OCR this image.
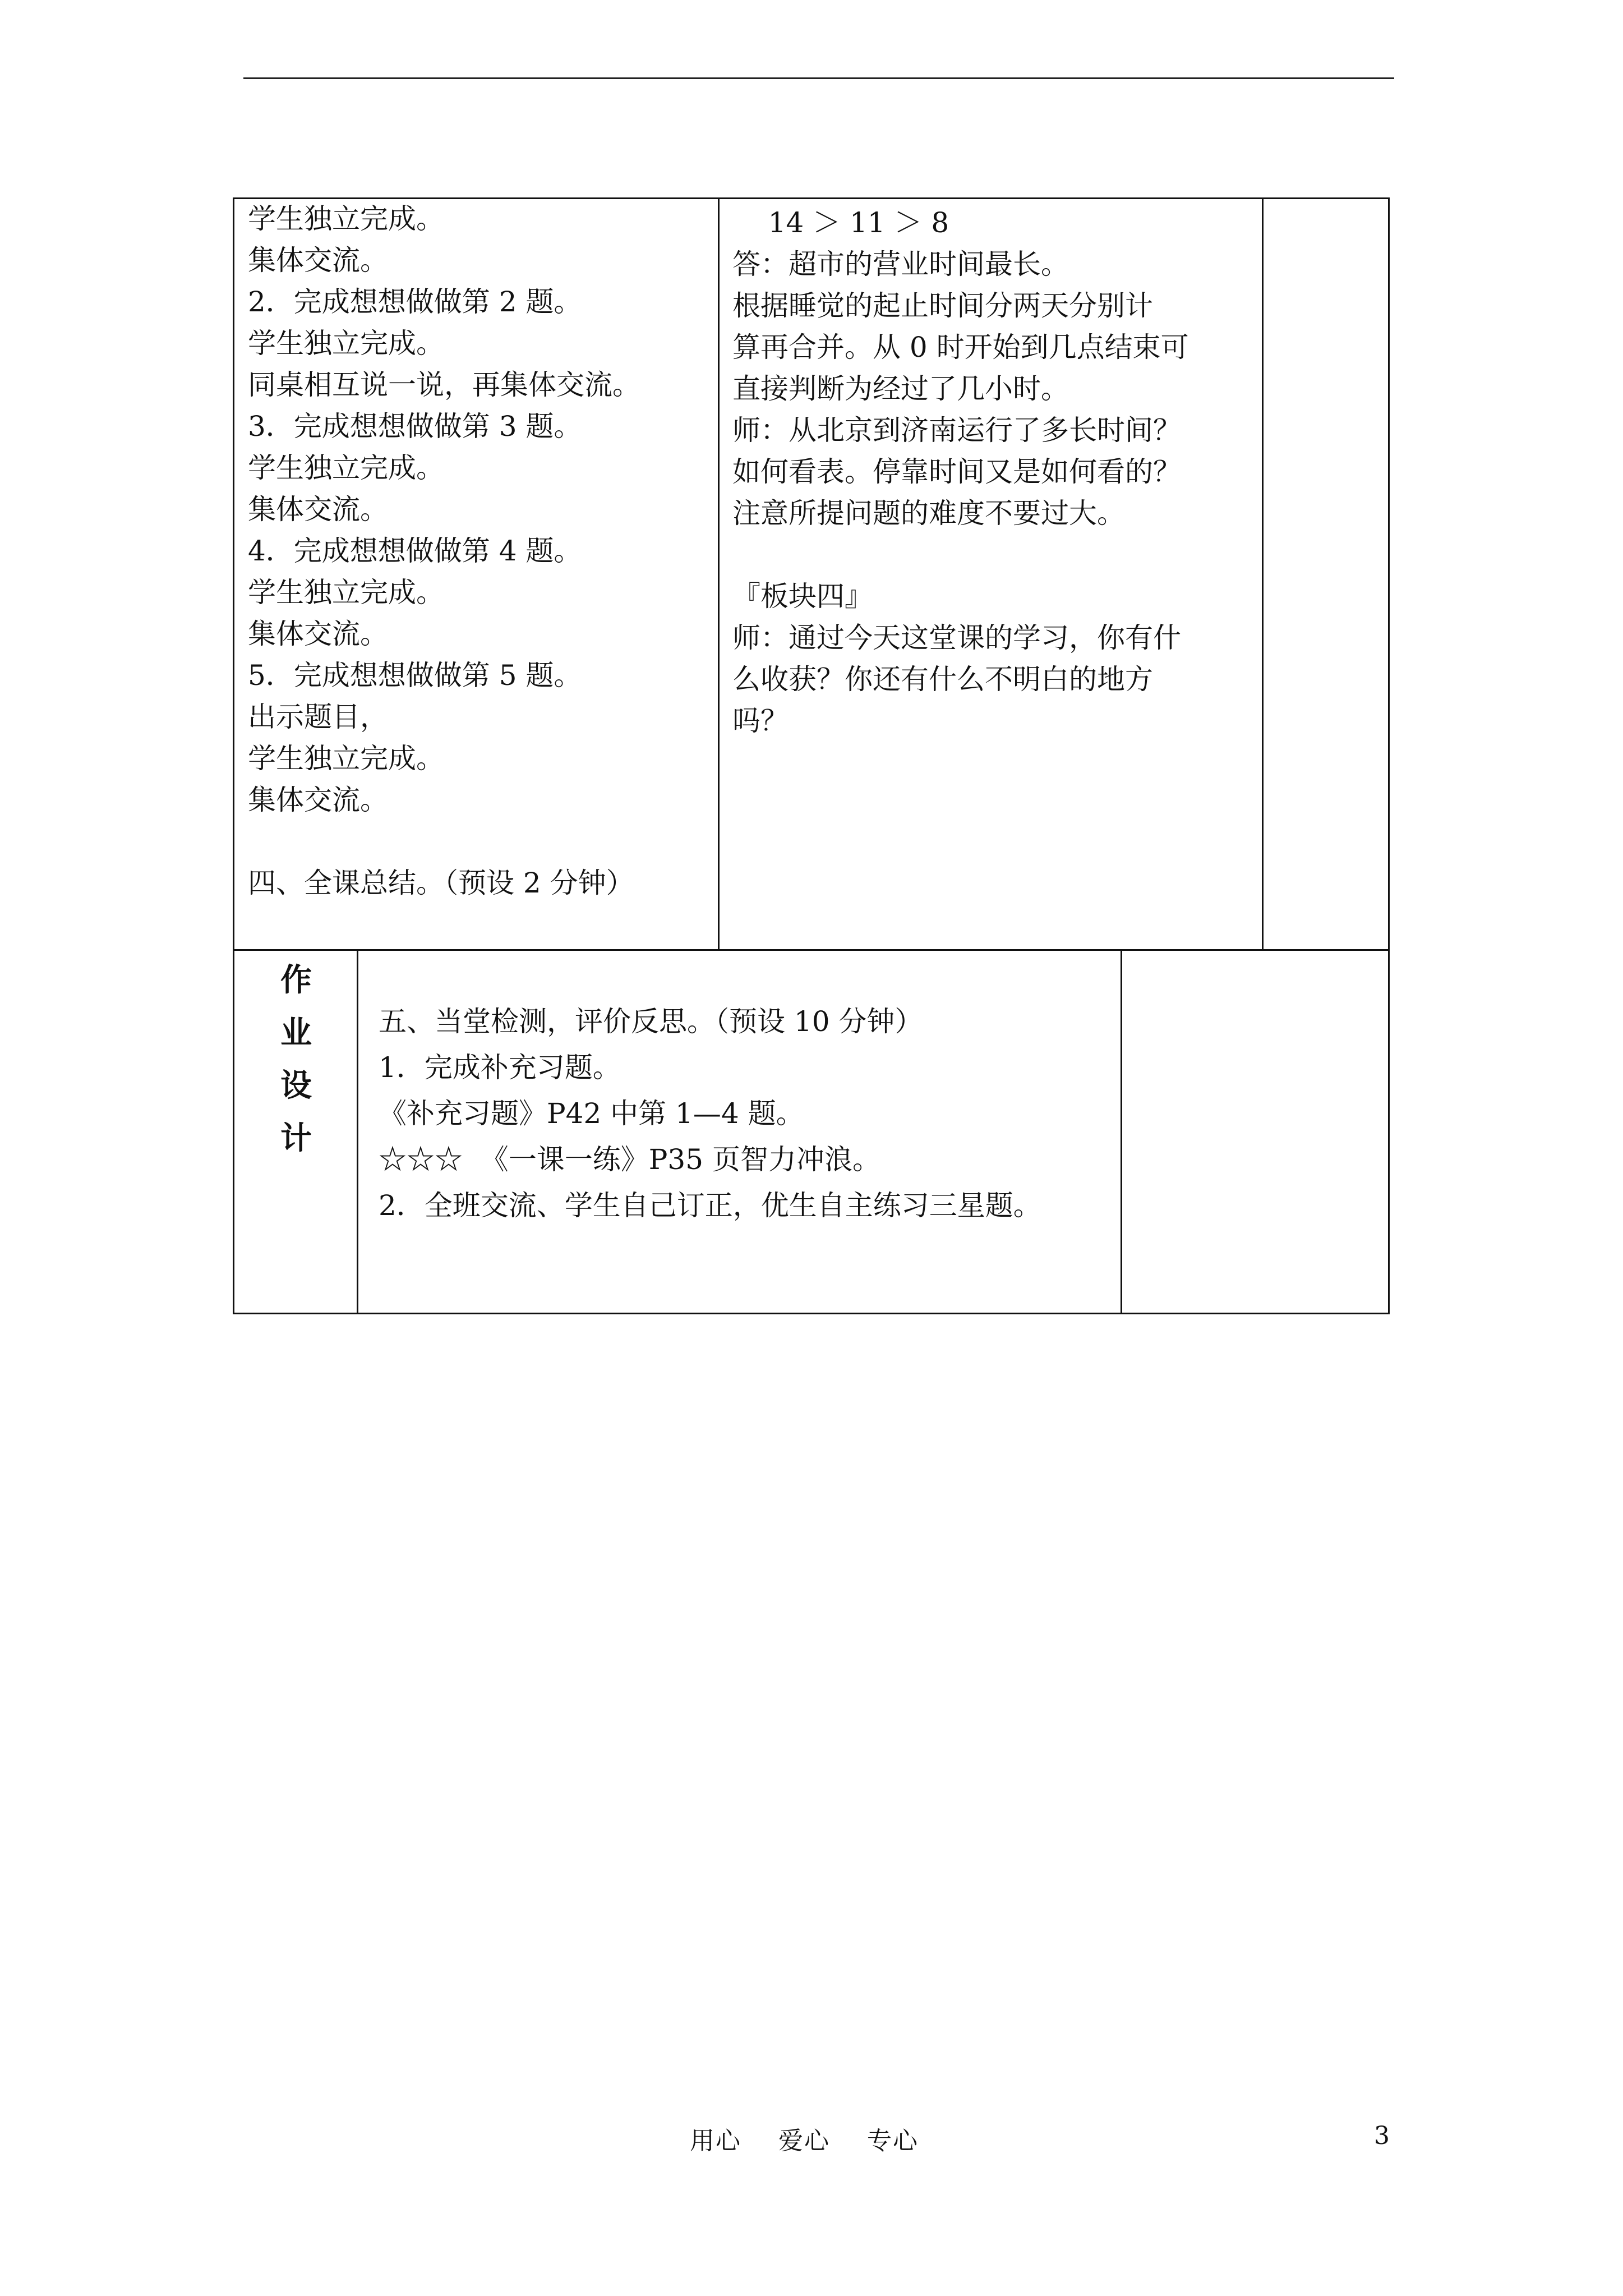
学生独立完成。
集体交流。
2．完成想想做做第 2 题。
学生独立完成。
同桌相互说一说，再集体交流。
3．完成想想做做第 3 题。
学生独立完成。
集体交流。
4．完成想想做做第 4 题。
学生独立完成。
集体交流。
5．完成想想做做第 5 题。
出示题目，
学生独立完成。
集体交流。

四、全课总结。（预设 2 分钟）
14 ＞ 11 ＞ 8
答：超市的营业时间最长。
根据睡觉的起止时间分两天分别计
算再合并。从 0 时开始到几点结束可
直接判断为经过了几小时。
师：从北京到济南运行了多长时间？
如何看表。停靠时间又是如何看的？
注意所提问题的难度不要过大。

『板块四』
师：通过今天这堂课的学习，你有什
么收获？你还有什么不明白的地方
吗？
作
业
设
计
五、当堂检测，评价反思。（预设 10 分钟）
1．完成补充习题。
《补充习题》P42 中第 1—4 题。
☆☆☆  《一课一练》P35 页智力冲浪。
2．全班交流、学生自己订正，优生自主练习三星题。
用心 爱心 专心	3
